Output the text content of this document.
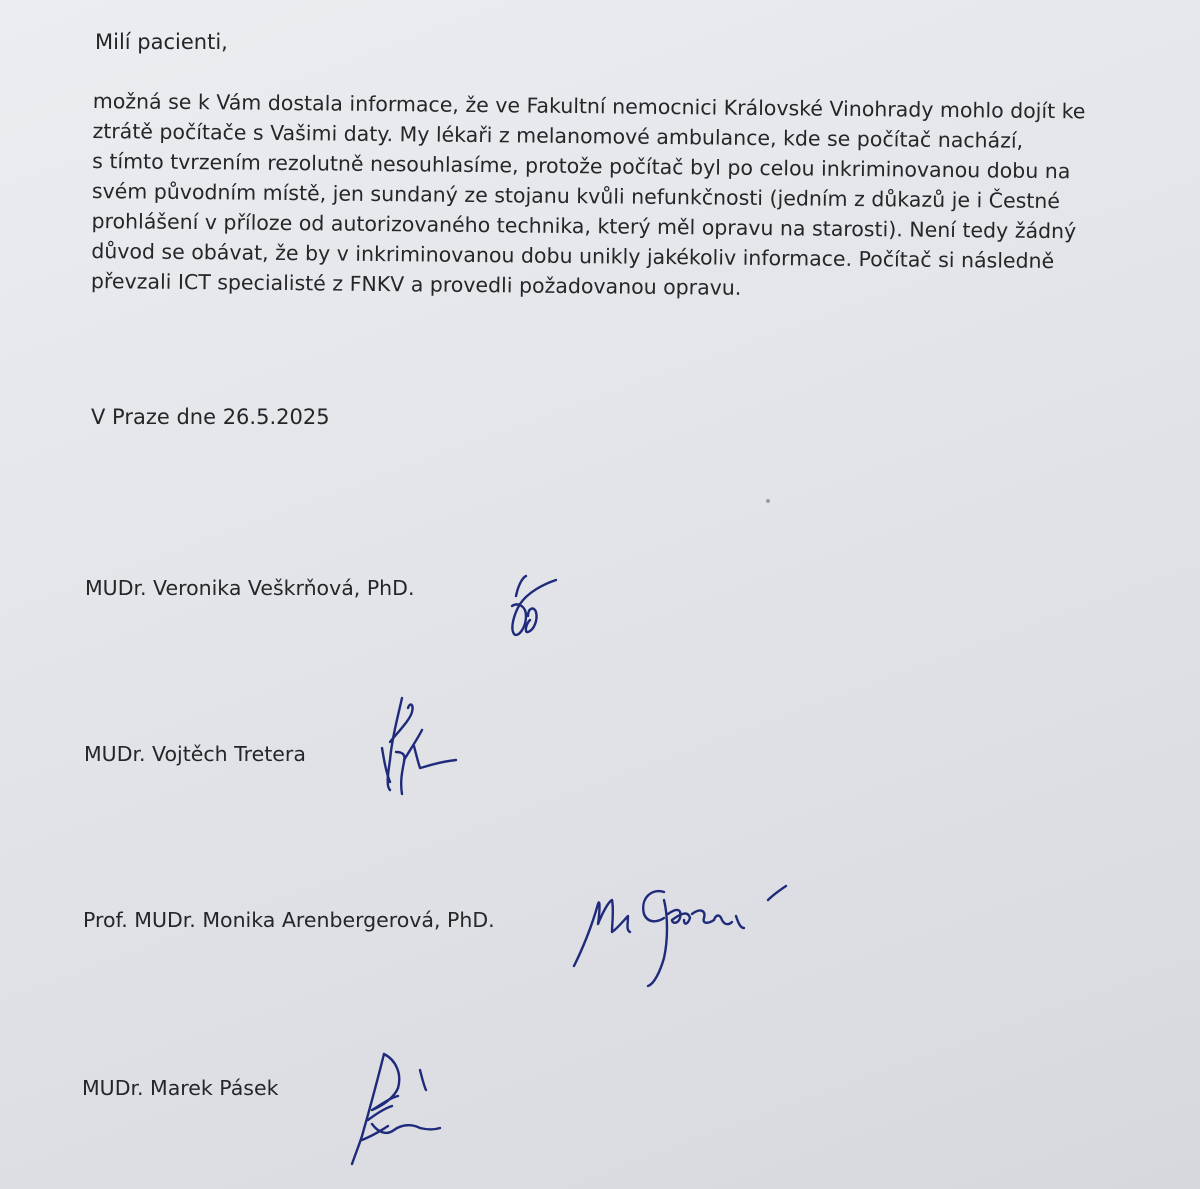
Milí pacienti,

možná se k Vám dostala informace, že ve Fakultní nemocnici Královské Vinohrady mohlo dojít ke
ztrátě počítače s Vašimi daty. My lékaři z melanomové ambulance, kde se počítač nachází,
s tímto tvrzením rezolutně nesouhlasíme, protože počítač byl po celou inkriminovanou dobu na
svém původním místě, jen sundaný ze stojanu kvůli nefunkčnosti (jedním z důkazů je i Čestné
prohlášení v příloze od autorizovaného technika, který měl opravu na starosti). Není tedy žádný
důvod se obávat, že by v inkriminovanou dobu unikly jakékoliv informace. Počítač si následně
převzali ICT specialisté z FNKV a provedli požadovanou opravu.

V Praze dne 26.5.2025

MUDr. Veronika Veškrňová, PhD.

MUDr. Vojtěch Tretera

Prof. MUDr. Monika Arenbergerová, PhD.

MUDr. Marek Pásek
